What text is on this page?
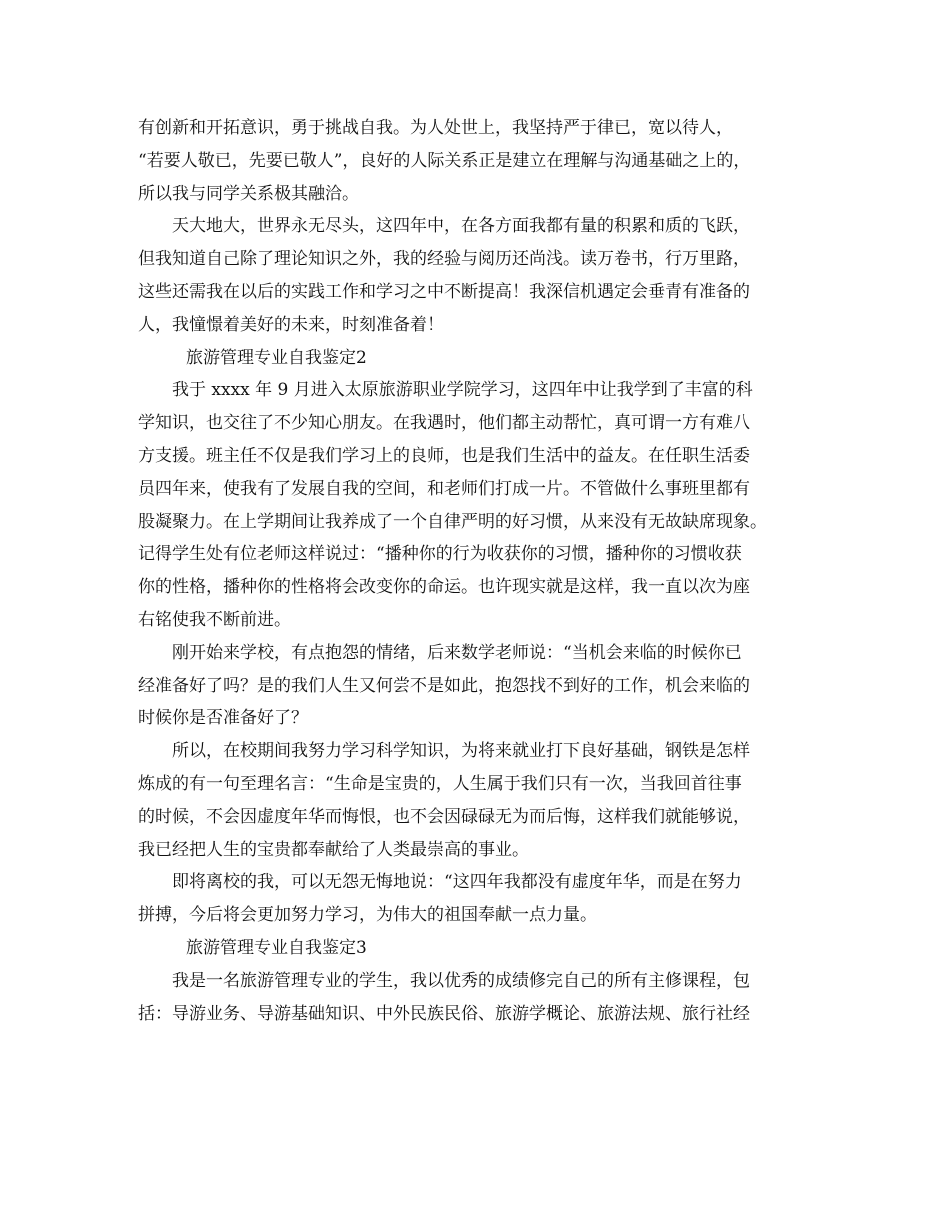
有创新和开拓意识，勇于挑战自我。为人处世上，我坚持严于律已，宽以待人，

“若要人敬已，先要已敬人”，良好的人际关系正是建立在理解与沟通基础之上的，

所以我与同学关系极其融洽。

天大地大，世界永无尽头，这四年中，在各方面我都有量的积累和质的飞跃，

但我知道自己除了理论知识之外，我的经验与阅历还尚浅。读万卷书，行万里路，

这些还需我在以后的实践工作和学习之中不断提高！我深信机遇定会垂青有准备的

人，我憧憬着美好的未来，时刻准备着！

旅游管理专业自我鉴定2

我于 xxxx 年 9 月进入太原旅游职业学院学习，这四年中让我学到了丰富的科

学知识，也交往了不少知心朋友。在我遇时，他们都主动帮忙，真可谓一方有难八

方支援。班主任不仅是我们学习上的良师，也是我们生活中的益友。在任职生活委

员四年来，使我有了发展自我的空间，和老师们打成一片。不管做什么事班里都有

股凝聚力。在上学期间让我养成了一个自律严明的好习惯，从来没有无故缺席现象。

记得学生处有位老师这样说过：“播种你的行为收获你的习惯，播种你的习惯收获

你的性格，播种你的性格将会改变你的命运。也许现实就是这样，我一直以次为座

右铭使我不断前进。

刚开始来学校，有点抱怨的情绪，后来数学老师说：“当机会来临的时候你已

经准备好了吗？是的我们人生又何尝不是如此，抱怨找不到好的工作，机会来临的

时候你是否准备好了？

所以，在校期间我努力学习科学知识，为将来就业打下良好基础，钢铁是怎样

炼成的有一句至理名言：“生命是宝贵的，人生属于我们只有一次，当我回首往事

的时候，不会因虚度年华而悔恨，也不会因碌碌无为而后悔，这样我们就能够说，

我已经把人生的宝贵都奉献给了人类最崇高的事业。

即将离校的我，可以无怨无悔地说：“这四年我都没有虚度年华，而是在努力

拼搏，今后将会更加努力学习，为伟大的祖国奉献一点力量。

旅游管理专业自我鉴定3

我是一名旅游管理专业的学生，我以优秀的成绩修完自己的所有主修课程，包

括：导游业务、导游基础知识、中外民族民俗、旅游学概论、旅游法规、旅行社经
